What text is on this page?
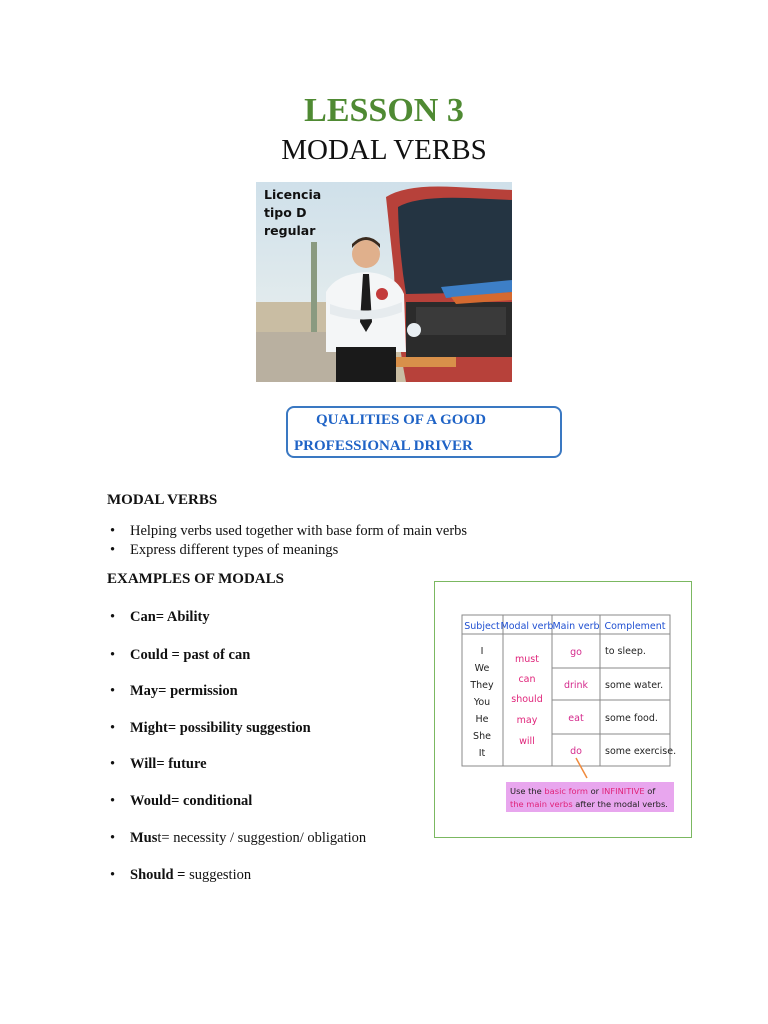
LESSON 3
MODAL VERBS
Licencia
tipo D
regular
QUALITIES OF A GOOD
PROFESSIONAL DRIVER
MODAL VERBS
• Helping verbs used together with base form of main verbs
• Express different types of meanings
EXAMPLES OF MODALS
• Can= Ability
• Could = past of can
• May= permission
• Might= possibility suggestion
• Will= future
• Would= conditional
• Must= necessity / suggestion/ obligation
• Should = suggestion
Subject Modal verb
Main verb Complement
I
We
They
You
He
She
It
must
can
should
may
will
go
drink
eat
do
to sleep.
some water.
some food.
some exercise.
Use the basic form or INFINITIVE of
the main verbs after the modal verbs.
